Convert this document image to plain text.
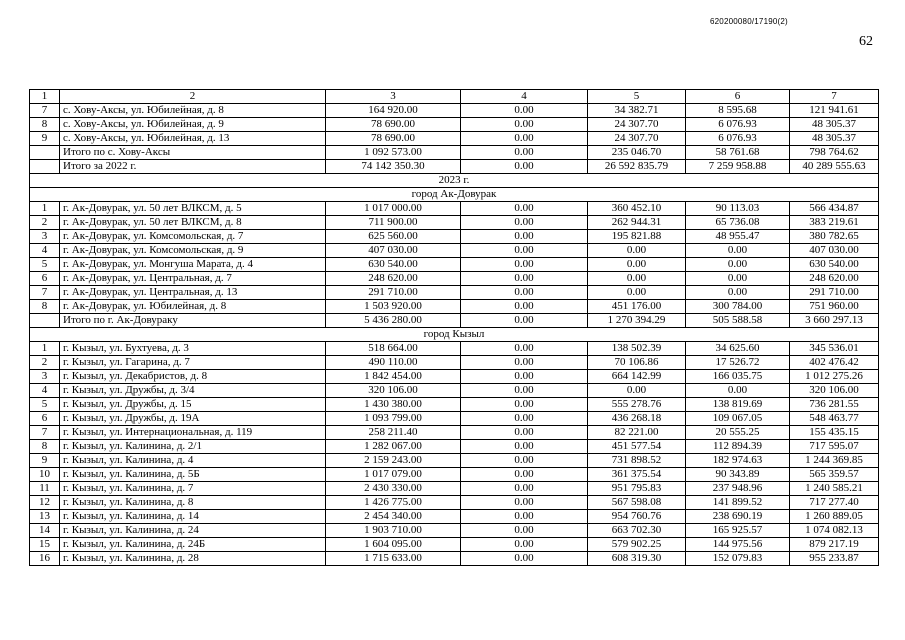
620200080/17190(2)
62
1	2	3	4	5	6	7
7	с. Хову-Аксы, ул. Юбилейная, д. 8	164 920.00	0.00	34 382.71	8 595.68	121 941.61
8	с. Хову-Аксы, ул. Юбилейная, д. 9	78 690.00	0.00	24 307.70	6 076.93	48 305.37
9	с. Хову-Аксы, ул. Юбилейная, д. 13	78 690.00	0.00	24 307.70	6 076.93	48 305.37
	Итого по с. Хову-Аксы	1 092 573.00	0.00	235 046.70	58 761.68	798 764.62
	Итого за 2022 г.	74 142 350.30	0.00	26 592 835.79	7 259 958.88	40 289 555.63
2023 г.						
город Ак-Довурак						
1	г. Ак-Довурак, ул. 50 лет ВЛКСМ, д. 5	1 017 000.00	0.00	360 452.10	90 113.03	566 434.87
2	г. Ак-Довурак, ул. 50 лет ВЛКСМ, д. 8	711 900.00	0.00	262 944.31	65 736.08	383 219.61
3	г. Ак-Довурак, ул. Комсомольская, д. 7	625 560.00	0.00	195 821.88	48 955.47	380 782.65
4	г. Ак-Довурак, ул. Комсомольская, д. 9	407 030.00	0.00	0.00	0.00	407 030.00
5	г. Ак-Довурак, ул. Монгуша Марата, д. 4	630 540.00	0.00	0.00	0.00	630 540.00
6	г. Ак-Довурак, ул. Центральная, д. 7	248 620.00	0.00	0.00	0.00	248 620.00
7	г. Ак-Довурак, ул. Центральная, д. 13	291 710.00	0.00	0.00	0.00	291 710.00
8	г. Ак-Довурак, ул. Юбилейная, д. 8	1 503 920.00	0.00	451 176.00	300 784.00	751 960.00
	Итого по г. Ак-Довураку	5 436 280.00	0.00	1 270 394.29	505 588.58	3 660 297.13
город Кызыл						
1	г. Кызыл, ул. Бухтуева, д. 3	518 664.00	0.00	138 502.39	34 625.60	345 536.01
2	г. Кызыл, ул. Гагарина, д. 7	490 110.00	0.00	70 106.86	17 526.72	402 476.42
3	г. Кызыл, ул. Декабристов, д. 8	1 842 454.00	0.00	664 142.99	166 035.75	1 012 275.26
4	г. Кызыл, ул. Дружбы, д. 3/4	320 106.00	0.00	0.00	0.00	320 106.00
5	г. Кызыл, ул. Дружбы, д. 15	1 430 380.00	0.00	555 278.76	138 819.69	736 281.55
6	г. Кызыл, ул. Дружбы, д. 19А	1 093 799.00	0.00	436 268.18	109 067.05	548 463.77
7	г. Кызыл, ул. Интернациональная, д. 119	258 211.40	0.00	82 221.00	20 555.25	155 435.15
8	г. Кызыл, ул. Калинина, д. 2/1	1 282 067.00	0.00	451 577.54	112 894.39	717 595.07
9	г. Кызыл, ул. Калинина, д. 4	2 159 243.00	0.00	731 898.52	182 974.63	1 244 369.85
10	г. Кызыл, ул. Калинина, д. 5Б	1 017 079.00	0.00	361 375.54	90 343.89	565 359.57
11	г. Кызыл, ул. Калинина, д. 7	2 430 330.00	0.00	951 795.83	237 948.96	1 240 585.21
12	г. Кызыл, ул. Калинина, д. 8	1 426 775.00	0.00	567 598.08	141 899.52	717 277.40
13	г. Кызыл, ул. Калинина, д. 14	2 454 340.00	0.00	954 760.76	238 690.19	1 260 889.05
14	г. Кызыл, ул. Калинина, д. 24	1 903 710.00	0.00	663 702.30	165 925.57	1 074 082.13
15	г. Кызыл, ул. Калинина, д. 24Б	1 604 095.00	0.00	579 902.25	144 975.56	879 217.19
16	г. Кызыл, ул. Калинина, д. 28	1 715 633.00	0.00	608 319.30	152 079.83	955 233.87
